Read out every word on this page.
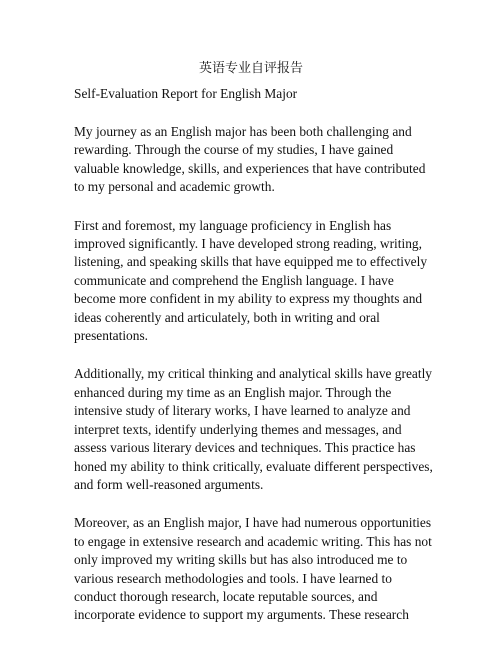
英语专业自评报告
Self-Evaluation Report for English Major

My journey as an English major has been both challenging and
rewarding. Through the course of my studies, I have gained
valuable knowledge, skills, and experiences that have contributed
to my personal and academic growth.

First and foremost, my language proficiency in English has
improved significantly. I have developed strong reading, writing,
listening, and speaking skills that have equipped me to effectively
communicate and comprehend the English language. I have
become more confident in my ability to express my thoughts and
ideas coherently and articulately, both in writing and oral
presentations.

Additionally, my critical thinking and analytical skills have greatly
enhanced during my time as an English major. Through the
intensive study of literary works, I have learned to analyze and
interpret texts, identify underlying themes and messages, and
assess various literary devices and techniques. This practice has
honed my ability to think critically, evaluate different perspectives,
and form well-reasoned arguments.

Moreover, as an English major, I have had numerous opportunities
to engage in extensive research and academic writing. This has not
only improved my writing skills but has also introduced me to
various research methodologies and tools. I have learned to
conduct thorough research, locate reputable sources, and
incorporate evidence to support my arguments. These research
